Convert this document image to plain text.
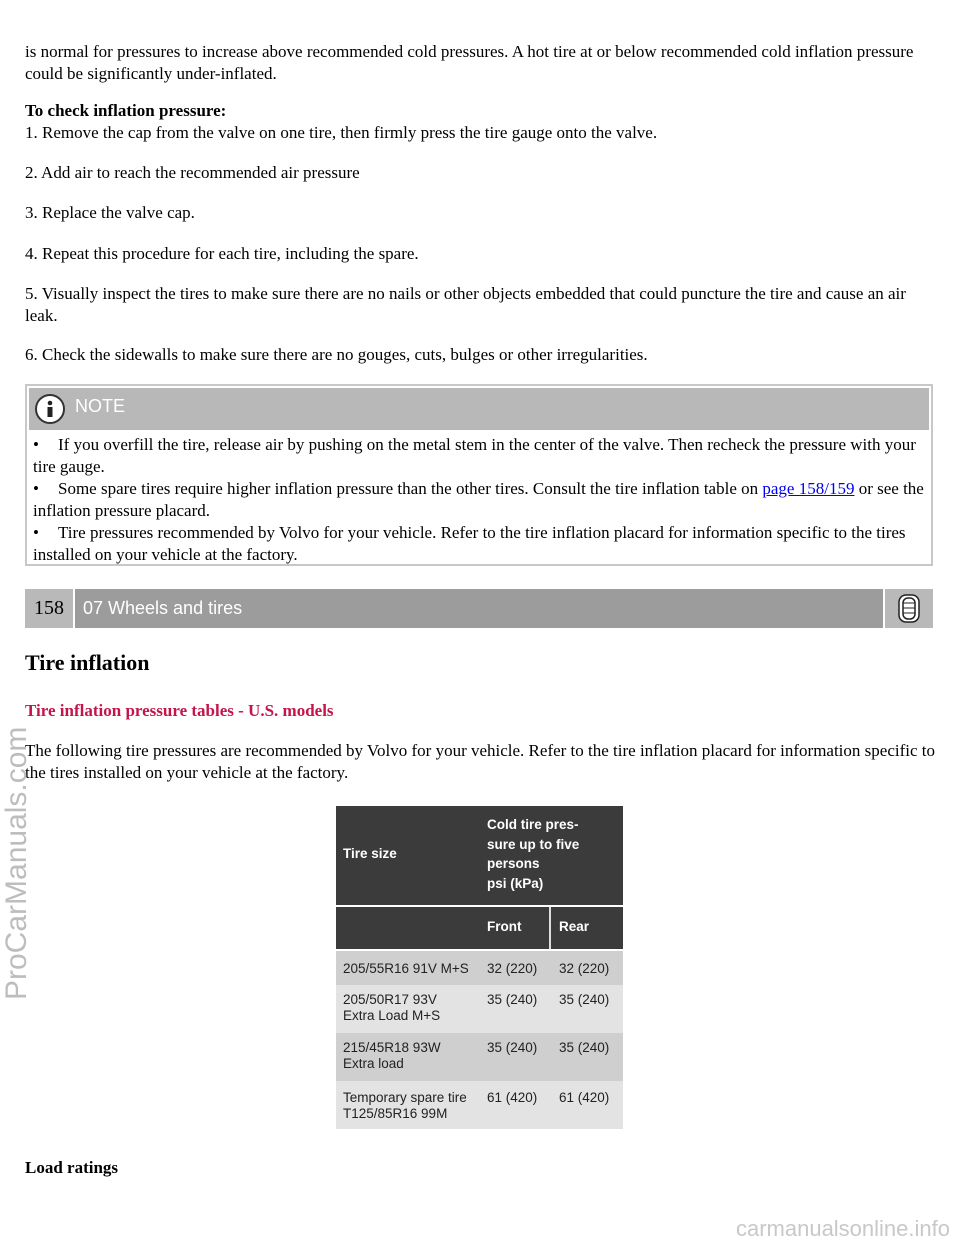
is normal for pressures to increase above recommended cold pressures. A hot tire at or below recommended cold inflation pressure could be significantly under-inflated.

To check inflation pressure:

1. Remove the cap from the valve on one tire, then firmly press the tire gauge onto the valve.

2. Add air to reach the recommended air pressure

3. Replace the valve cap.

4. Repeat this procedure for each tire, including the spare.

5. Visually inspect the tires to make sure there are no nails or other objects embedded that could puncture the tire and cause an air leak.

6. Check the sidewalls to make sure there are no gouges, cuts, bulges or other irregularities.

NOTE

• If you overfill the tire, release air by pushing on the metal stem in the center of the valve. Then recheck the pressure with your tire gauge.

• Some spare tires require higher inflation pressure than the other tires. Consult the tire inflation table on page 158/159 or see the inflation pressure placard.

• Tire pressures recommended by Volvo for your vehicle. Refer to the tire inflation placard for information specific to the tires installed on your vehicle at the factory.

158	07 Wheels and tires
Tire inflation

Tire inflation pressure tables - U.S. models

The following tire pressures are recommended by Volvo for your vehicle. Refer to the tire inflation placard for information specific to the tires installed on your vehicle at the factory.

Tire size
Cold tire pres-
sure up to five
persons
psi (kPa)
Front	Rear
205/55R16 91V M+S 32 (220) 32 (220)
205/50R17 93V
Extra Load M+S
35 (240) 35 (240)
215/45R18 93W
Extra load
35 (240) 35 (240)
Temporary spare tire
T125/85R16 99M
61 (420) 61 (420)

Load ratings

ProCarManuals.com
carmanualsonline.info
